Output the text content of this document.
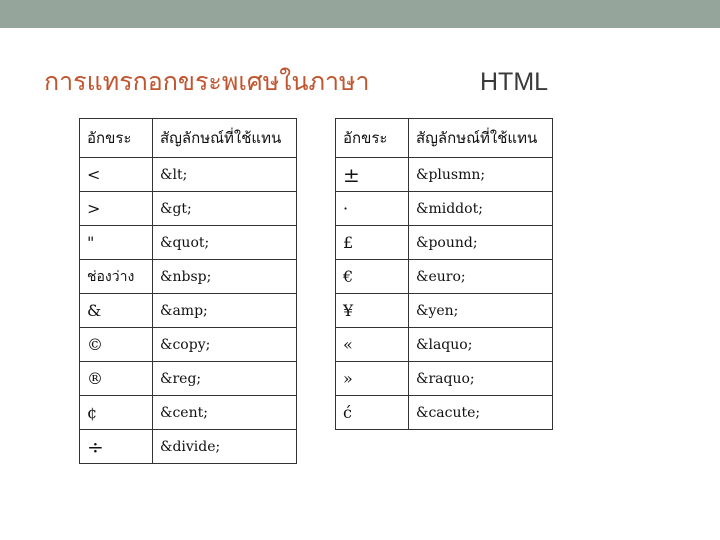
การแทรกอกขระพเศษในภาษา	HTML
อักขระ	สัญลักษณ์ที่ใช้แทน
<	&lt;
>	&gt;
"	&quot;
ช่องว่าง	&nbsp;
&	&amp;
©	&copy;
®	&reg;
¢	&cent;
÷	&divide;
อักขระ	สัญลักษณ์ที่ใช้แทน
±	&plusmn;
·	&middot;
£	&pound;
€	&euro;
¥	&yen;
«	&laquo;
»	&raquo;
ć	&cacute;
